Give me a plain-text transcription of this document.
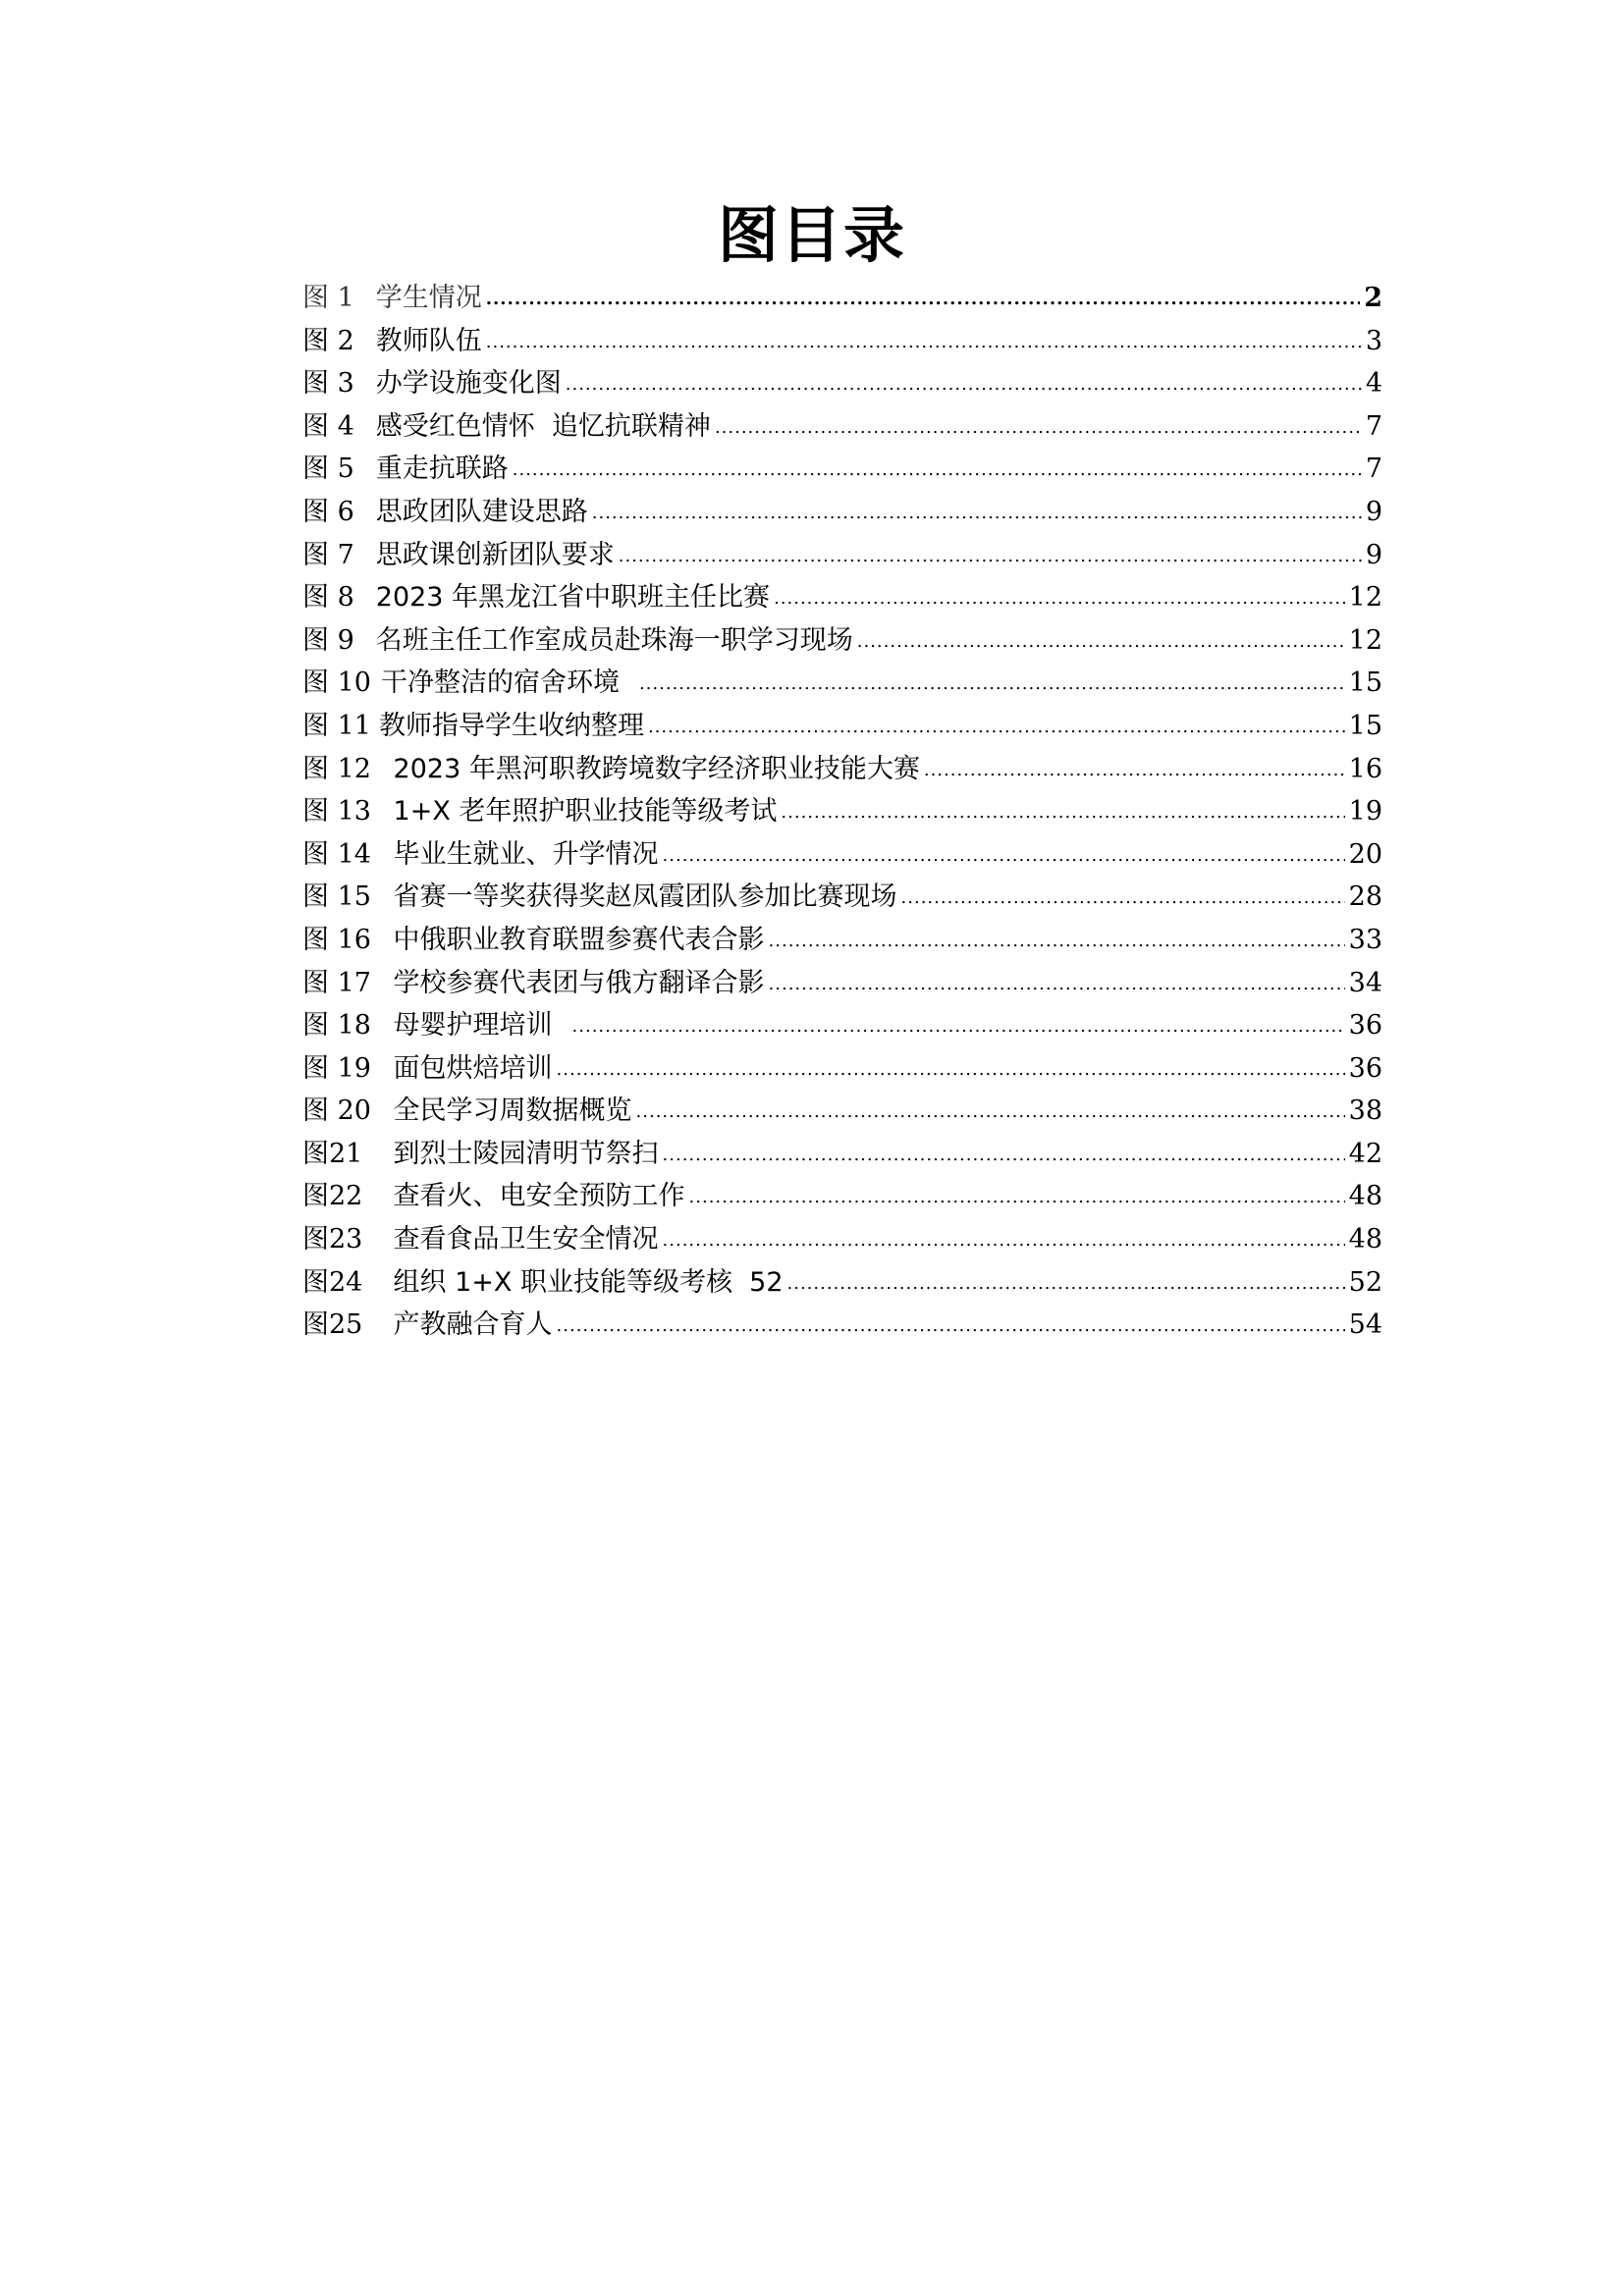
图目录
图 1 学生情况 .....	2
图 2 教师队伍 .....	3
图 3 办学设施变化图 .....	4
图 4 感受红色情怀  追忆抗联精神 .....	7
图 5 重走抗联路 .....	7
图 6 思政团队建设思路 .....	9
图 7 思政课创新团队要求 .....	9
图 8 2023 年黑龙江省中职班主任比赛 .....	12
图 9 名班主任工作室成员赴珠海一职学习现场 .....	12
图 10 干净整洁的宿舍环境 .....	15
图 11 教师指导学生收纳整理 .....	15
图 12 2023 年黑河职教跨境数字经济职业技能大赛 .....	16
图 13 1+X 老年照护职业技能等级考试 .....	19
图 14 毕业生就业、升学情况 .....	20
图 15 省赛一等奖获得奖赵凤霞团队参加比赛现场 .....	28
图 16 中俄职业教育联盟参赛代表合影 .....	33
图 17 学校参赛代表团与俄方翻译合影 .....	34
图 18 母婴护理培训 .....	36
图 19 面包烘焙培训 .....	36
图 20 全民学习周数据概览 .....	38
图21 到烈士陵园清明节祭扫 .....	42
图22 查看火、电安全预防工作 .....	48
图23 查看食品卫生安全情况 .....	48
图24 组织 1+X 职业技能等级考核  52 .....	52
图25 产教融合育人 .....	54
